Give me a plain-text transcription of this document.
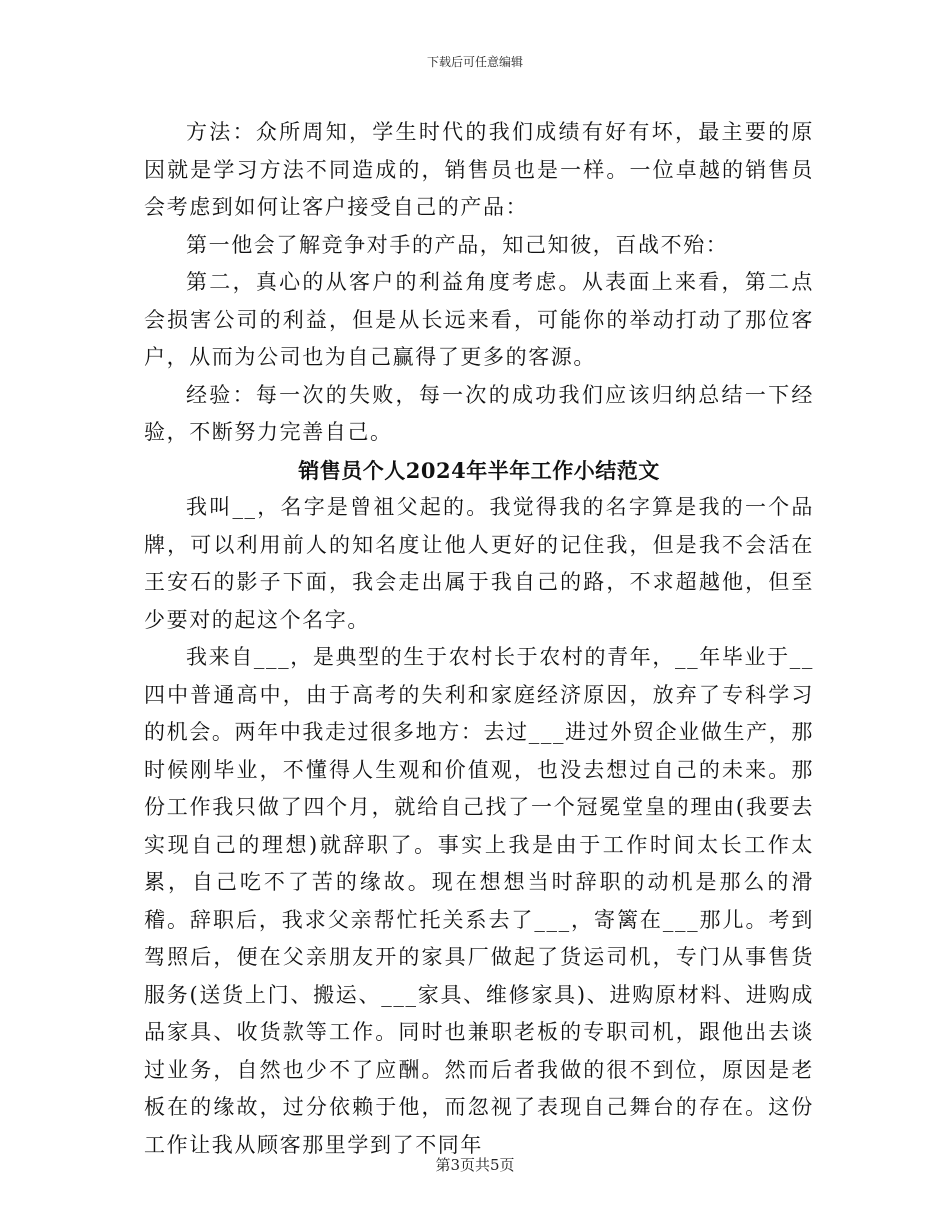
下载后可任意编辑

方法：众所周知，学生时代的我们成绩有好有坏，最主要的原因就是学习方法不同造成的，销售员也是一样。一位卓越的销售员会考虑到如何让客户接受自己的产品：

第一他会了解竞争对手的产品，知己知彼，百战不殆：

第二，真心的从客户的利益角度考虑。从表面上来看，第二点会损害公司的利益，但是从长远来看，可能你的举动打动了那位客户，从而为公司也为自己赢得了更多的客源。

经验：每一次的失败，每一次的成功我们应该归纳总结一下经验，不断努力完善自己。

销售员个人2024年半年工作小结范文

我叫__，名字是曾祖父起的。我觉得我的名字算是我的一个品牌，可以利用前人的知名度让他人更好的记住我，但是我不会活在王安石的影子下面，我会走出属于我自己的路，不求超越他，但至少要对的起这个名字。

我来自___，是典型的生于农村长于农村的青年，__年毕业于__四中普通高中，由于高考的失利和家庭经济原因，放弃了专科学习的机会。两年中我走过很多地方：去过___进过外贸企业做生产，那时候刚毕业，不懂得人生观和价值观，也没去想过自己的未来。那份工作我只做了四个月，就给自己找了一个冠冕堂皇的理由(我要去实现自己的理想)就辞职了。事实上我是由于工作时间太长工作太累，自己吃不了苦的缘故。现在想想当时辞职的动机是那么的滑稽。辞职后，我求父亲帮忙托关系去了___，寄篱在___那儿。考到驾照后，便在父亲朋友开的家具厂做起了货运司机，专门从事售货服务(送货上门、搬运、___家具、维修家具)、进购原材料、进购成品家具、收货款等工作。同时也兼职老板的专职司机，跟他出去谈过业务，自然也少不了应酬。然而后者我做的很不到位，原因是老板在的缘故，过分依赖于他，而忽视了表现自己舞台的存在。这份工作让我从顾客那里学到了不同年

第3页共5页
